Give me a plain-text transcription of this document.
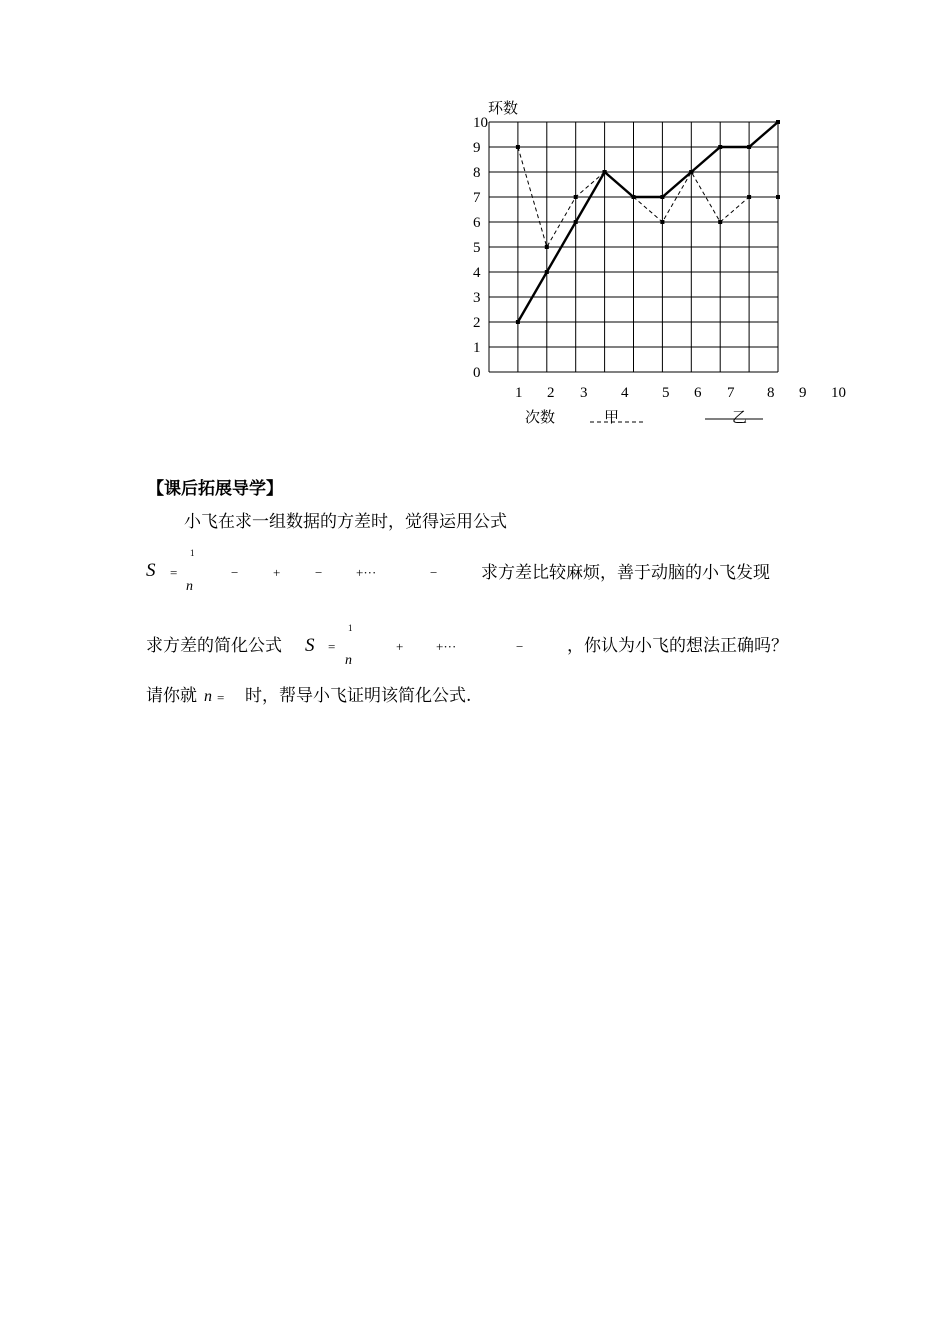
0
1
2
3
4
5
6
7
8
9
10
1 2 3 4 5 6 7 8 9 10
环数
次数	甲	乙
【课后拓展导学】
小飞在求一组数据的方差时，觉得运用公式
S =
1
n
−	+	−	+···	−	求方差比较麻烦，善于动脑的小飞发现
求方差的简化公式 S =
1
n
+	+···	−	，你认为小飞的想法正确吗？
请你就 n = 时，帮导小飞证明该简化公式.
